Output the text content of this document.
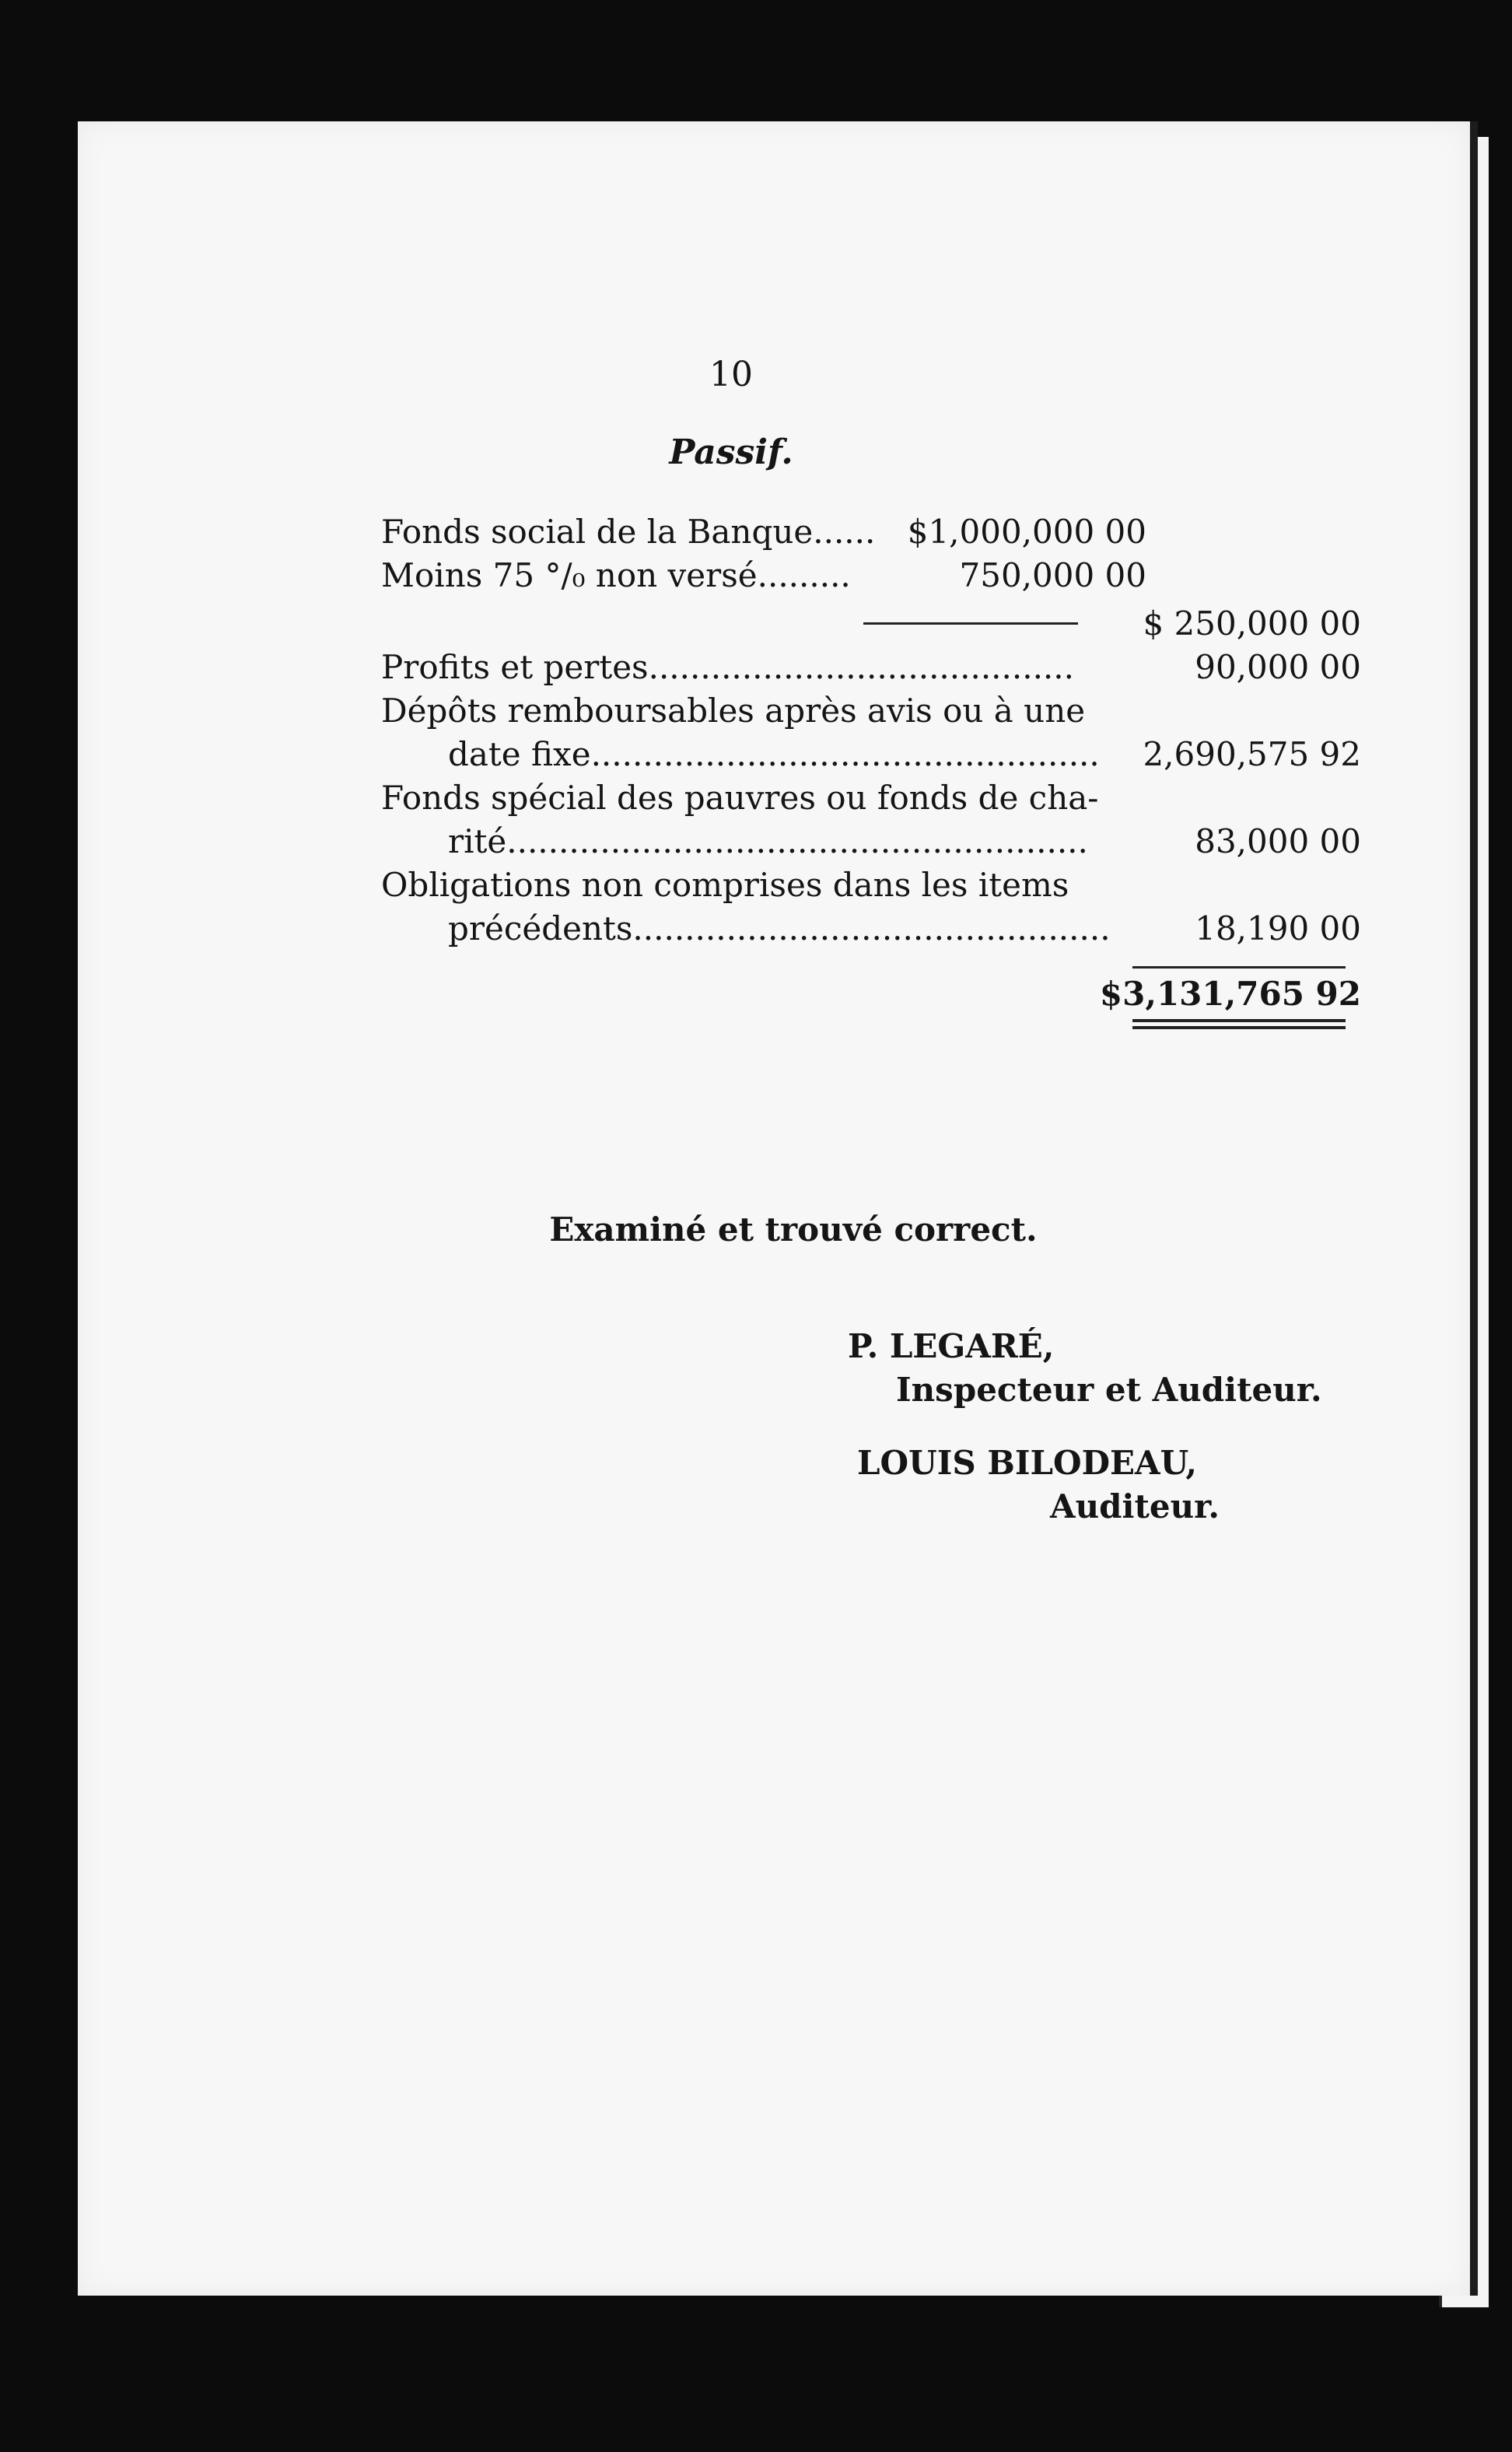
10
Passif.
Fonds social de la Banque...... $1,000,000 00
Moins 75 °/₀ non versé.........	750,000 00
$ 250,000 00
Profits et pertes.........................................	90,000 00
Dépôts remboursables après avis ou à une
date fixe................................................. 2,690,575 92
Fonds spécial des pauvres ou fonds de cha-
rité........................................................	83,000 00
Obligations non comprises dans les items
précédents..............................................	18,190 00
$3,131,765 92
Examiné et trouvé correct.
P. LEGARÉ,
Inspecteur et Auditeur.
LOUIS BILODEAU,
Auditeur.
